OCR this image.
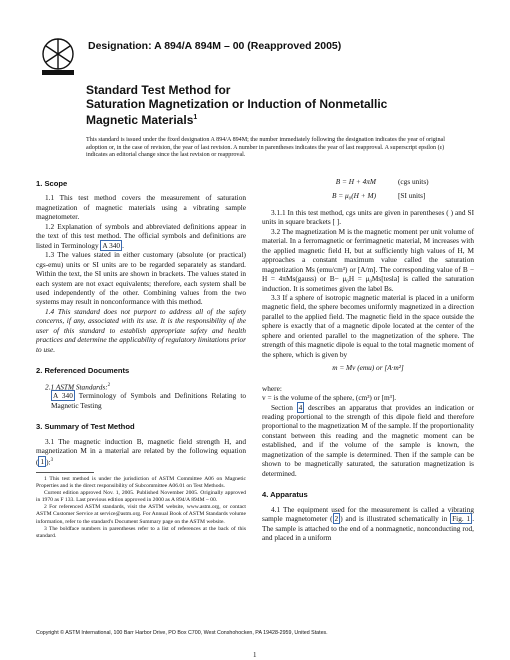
Designation: A 894/A 894M – 00 (Reapproved 2005)
Standard Test Method for
Saturation Magnetization or Induction of Nonmetallic
Magnetic Materials$^1$
This standard is issued under the fixed designation A 894/A 894M; the number immediately following the designation indicates the year of original adoption or, in the case of revision, the year of last revision. A number in parentheses indicates the year of last reapproval. A superscript epsilon (ε) indicates an editorial change since the last revision or reapproval.
1. Scope

1.1 This test method covers the measurement of saturation magnetization of magnetic materials using a vibrating sample magnetometer.

1.2 Explanation of symbols and abbreviated definitions appear in the text of this test method. The official symbols and definitions are listed in Terminology A 340 .

1.3 The values stated in either customary (absolute (or practical) cgs-emu) units or SI units are to be regarded separately as standard. Within the text, the SI units are shown in brackets. The values stated in each system are not exact equivalents; therefore, each system shall be used independently of the other. Combining values from the two systems may result in nonconformance with this method.

1.4 This standard does not purport to address all of the safety concerns, if any, associated with its use. It is the responsibility of the user of this standard to establish appropriate safety and health practices and determine the applicability of regulatory limitations prior to use.

2. Referenced Documents

2.1 ASTM Standards:$^2$

A 340 Terminology of Symbols and Definitions Relating to Magnetic Testing

3. Summary of Test Method

3.1 The magnetic induction B, magnetic field strength H, and magnetization M in a material are related by the following equation ( 1 ):$^3$

1 This test method is under the jurisdiction of ASTM Committee A06 on Magnetic Properties and is the direct responsibility of Subcommittee A06.01 on Test Methods.

Current edition approved Nov. 1, 2005. Published November 2005. Originally approved in 1970 as F 133. Last previous edition approved in 2000 as A 894/A 894M – 00.

2 For referenced ASTM standards, visit the ASTM website, www.astm.org, or contact ASTM Customer Service at service@astm.org. For Annual Book of ASTM Standards volume information, refer to the standard's Document Summary page on the ASTM website.

3 The boldface numbers in parentheses refer to a list of references at the back of this standard.

B = H + 4πM	(cgs units)
B = μ₀(H + M)	[SI units]

3.1.1 In this test method, cgs units are given in parentheses ( ) and SI units in square brackets [ ].

3.2 The magnetization M is the magnetic moment per unit volume of material. In a ferromagnetic or ferrimagnetic material, M increases with the applied magnetic field H, but at sufficiently high values of H, M approaches a constant maximum value called the saturation magnetization Ms (emu/cm³) or [A/m]. The corresponding value of B − H = 4πMs(gauss) or B− μ₀H = μ₀Ms[tesla] is called the saturation induction. It is sometimes given the label Bs.

3.3 If a sphere of isotropic magnetic material is placed in a uniform magnetic field, the sphere becomes uniformly magnetized in a direction parallel to the applied field. The magnetic field in the space outside the sphere is exactly that of a magnetic dipole located at the center of the sphere and oriented parallel to the magnetization of the sphere. The strength of this magnetic dipole is equal to the total magnetic moment of the sphere, which is given by

m = Mv (emu) or [A·m²]

where:

v = is the volume of the sphere, (cm³) or [m³].

Section 4 describes an apparatus that provides an indication or reading proportional to the strength of this dipole field and therefore proportional to the magnetization M of the sample. If the proportionality constant between this reading and the magnetic moment can be established, and if the volume of the sample is known, the magnetization of the sample is determined. Then if the sample can be shown to be magnetically saturated, the saturation magnetization is determined.

4. Apparatus

4.1 The equipment used for the measurement is called a vibrating sample magnetometer ( 2 ) and is illustrated schematically in Fig. 1 . The sample is attached to the end of a nonmagnetic, nonconducting rod, and placed in a uniform

Copyright © ASTM International, 100 Barr Harbor Drive, PO Box C700, West Conshohocken, PA 19428-2959, United States.
1
